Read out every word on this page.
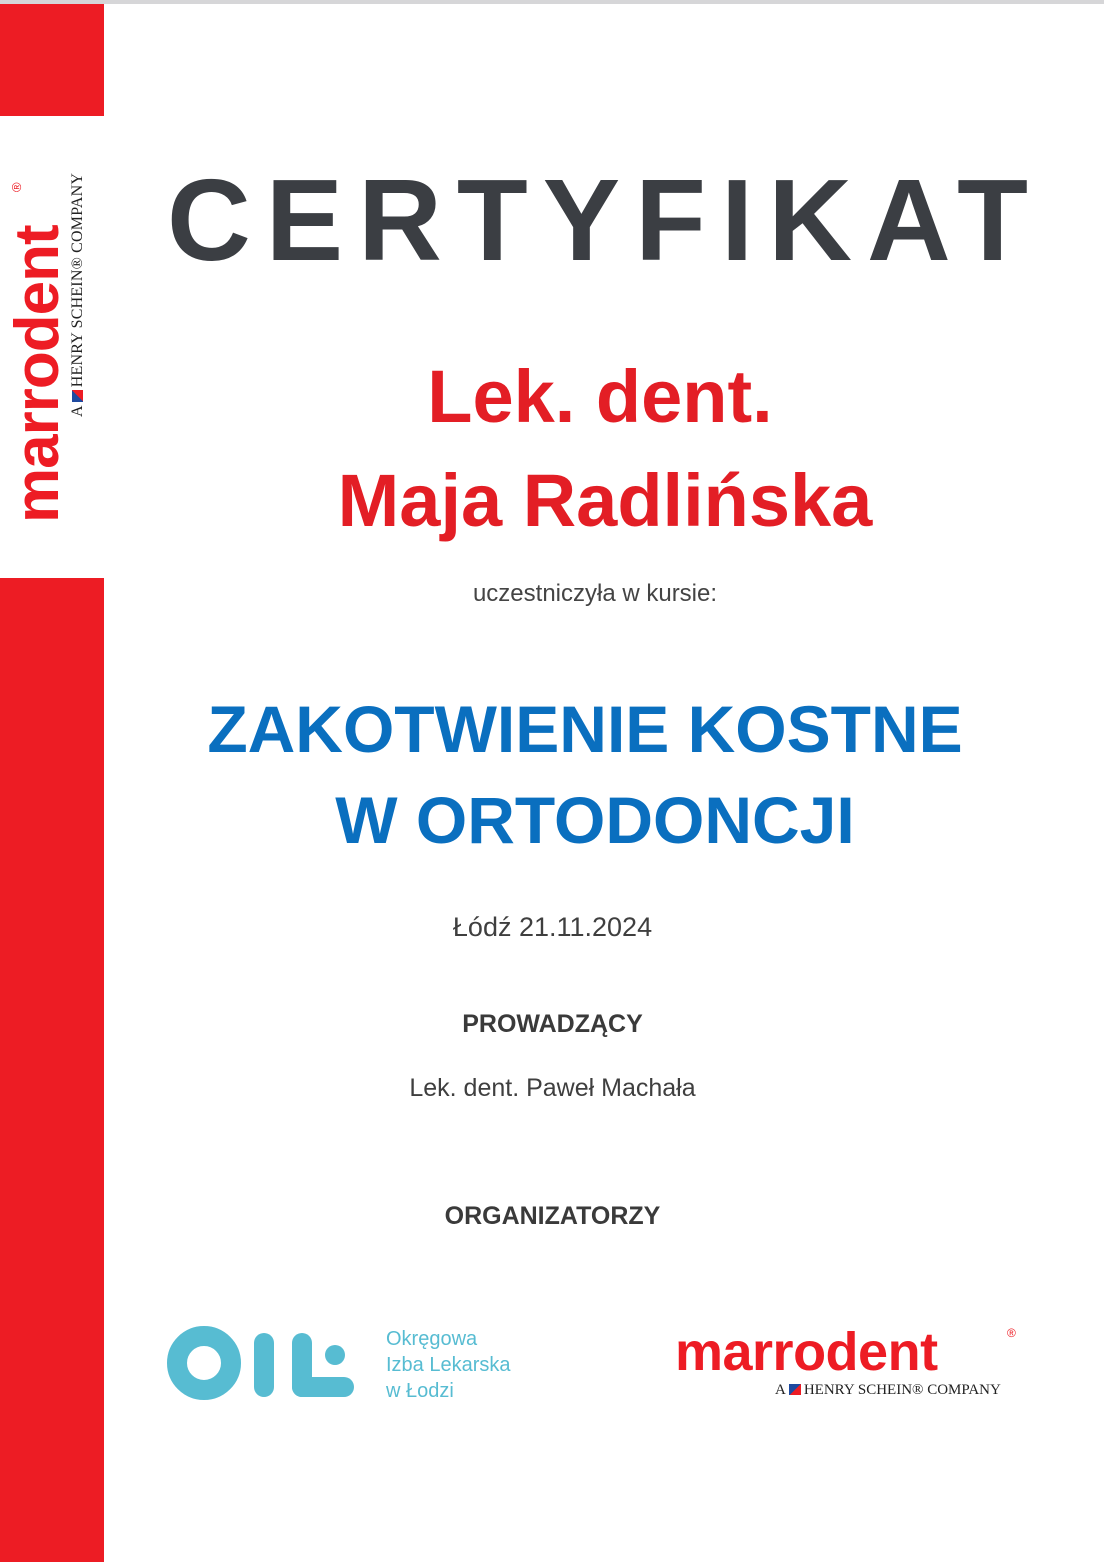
marrodent
®
AHENRY SCHEIN® COMPANY CERTYFIKAT
Lek. dent.
Maja Radlińska
uczestniczyła w kursie:
ZAKOTWIENIE KOSTNE
W ORTODONCJI
Łódź 21.11.2024
PROWADZĄCY
Lek. dent. Paweł Machała
ORGANIZATORZY
Okręgowa
Izba Lekarska
w Łodzi
marrodent	®
A HENRY SCHEIN® COMPANY
